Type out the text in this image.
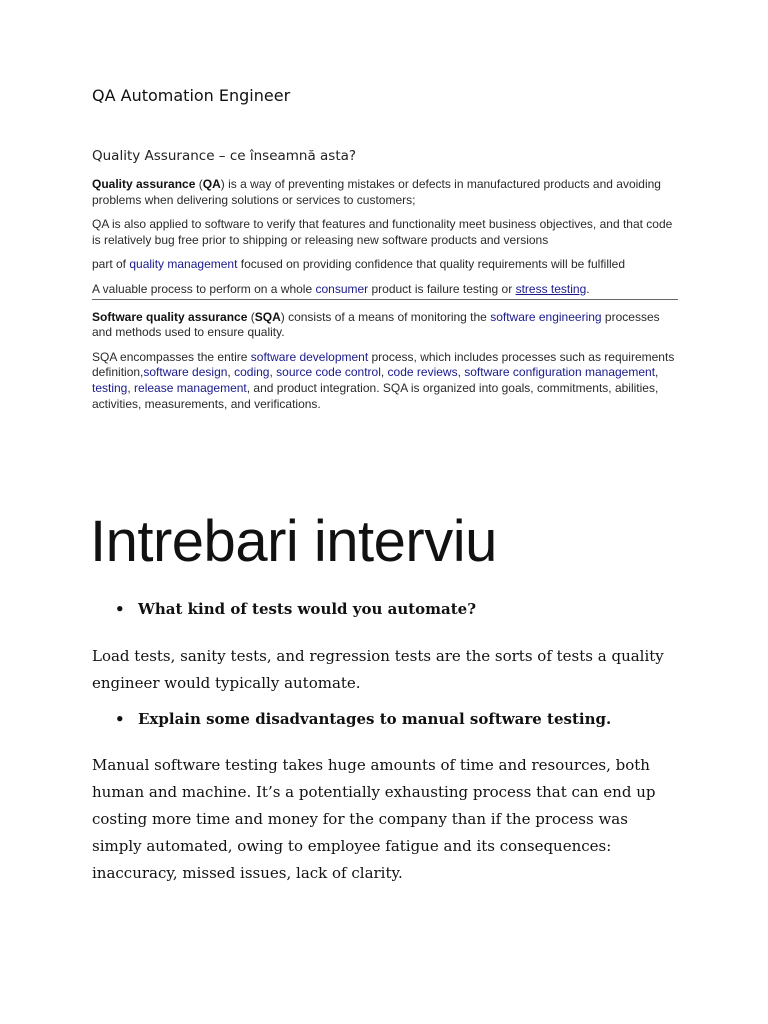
QA Automation Engineer
Quality Assurance – ce înseamnă asta?

Quality assurance (QA) is a way of preventing mistakes or defects in manufactured products and avoiding problems when delivering solutions or services to customers;

QA is also applied to software to verify that features and functionality meet business objectives, and that code is relatively bug free prior to shipping or releasing new software products and versions

part of quality management focused on providing confidence that quality requirements will be fulfilled

A valuable process to perform on a whole consumer product is failure testing or stress testing.

Software quality assurance (SQA) consists of a means of monitoring the software engineering processes and methods used to ensure quality.

SQA encompasses the entire software development process, which includes processes such as requirements definition,software design, coding, source code control, code reviews, software configuration management, testing, release management, and product integration. SQA is organized into goals, commitments, abilities, activities, measurements, and verifications.

Intrebari interviu

• What kind of tests would you automate?

Load tests, sanity tests, and regression tests are the sorts of tests a quality engineer would typically automate.

• Explain some disadvantages to manual software testing.

Manual software testing takes huge amounts of time and resources, both human and machine. It’s a potentially exhausting process that can end up costing more time and money for the company than if the process was simply automated, owing to employee fatigue and its consequences: inaccuracy, missed issues, lack of clarity.
